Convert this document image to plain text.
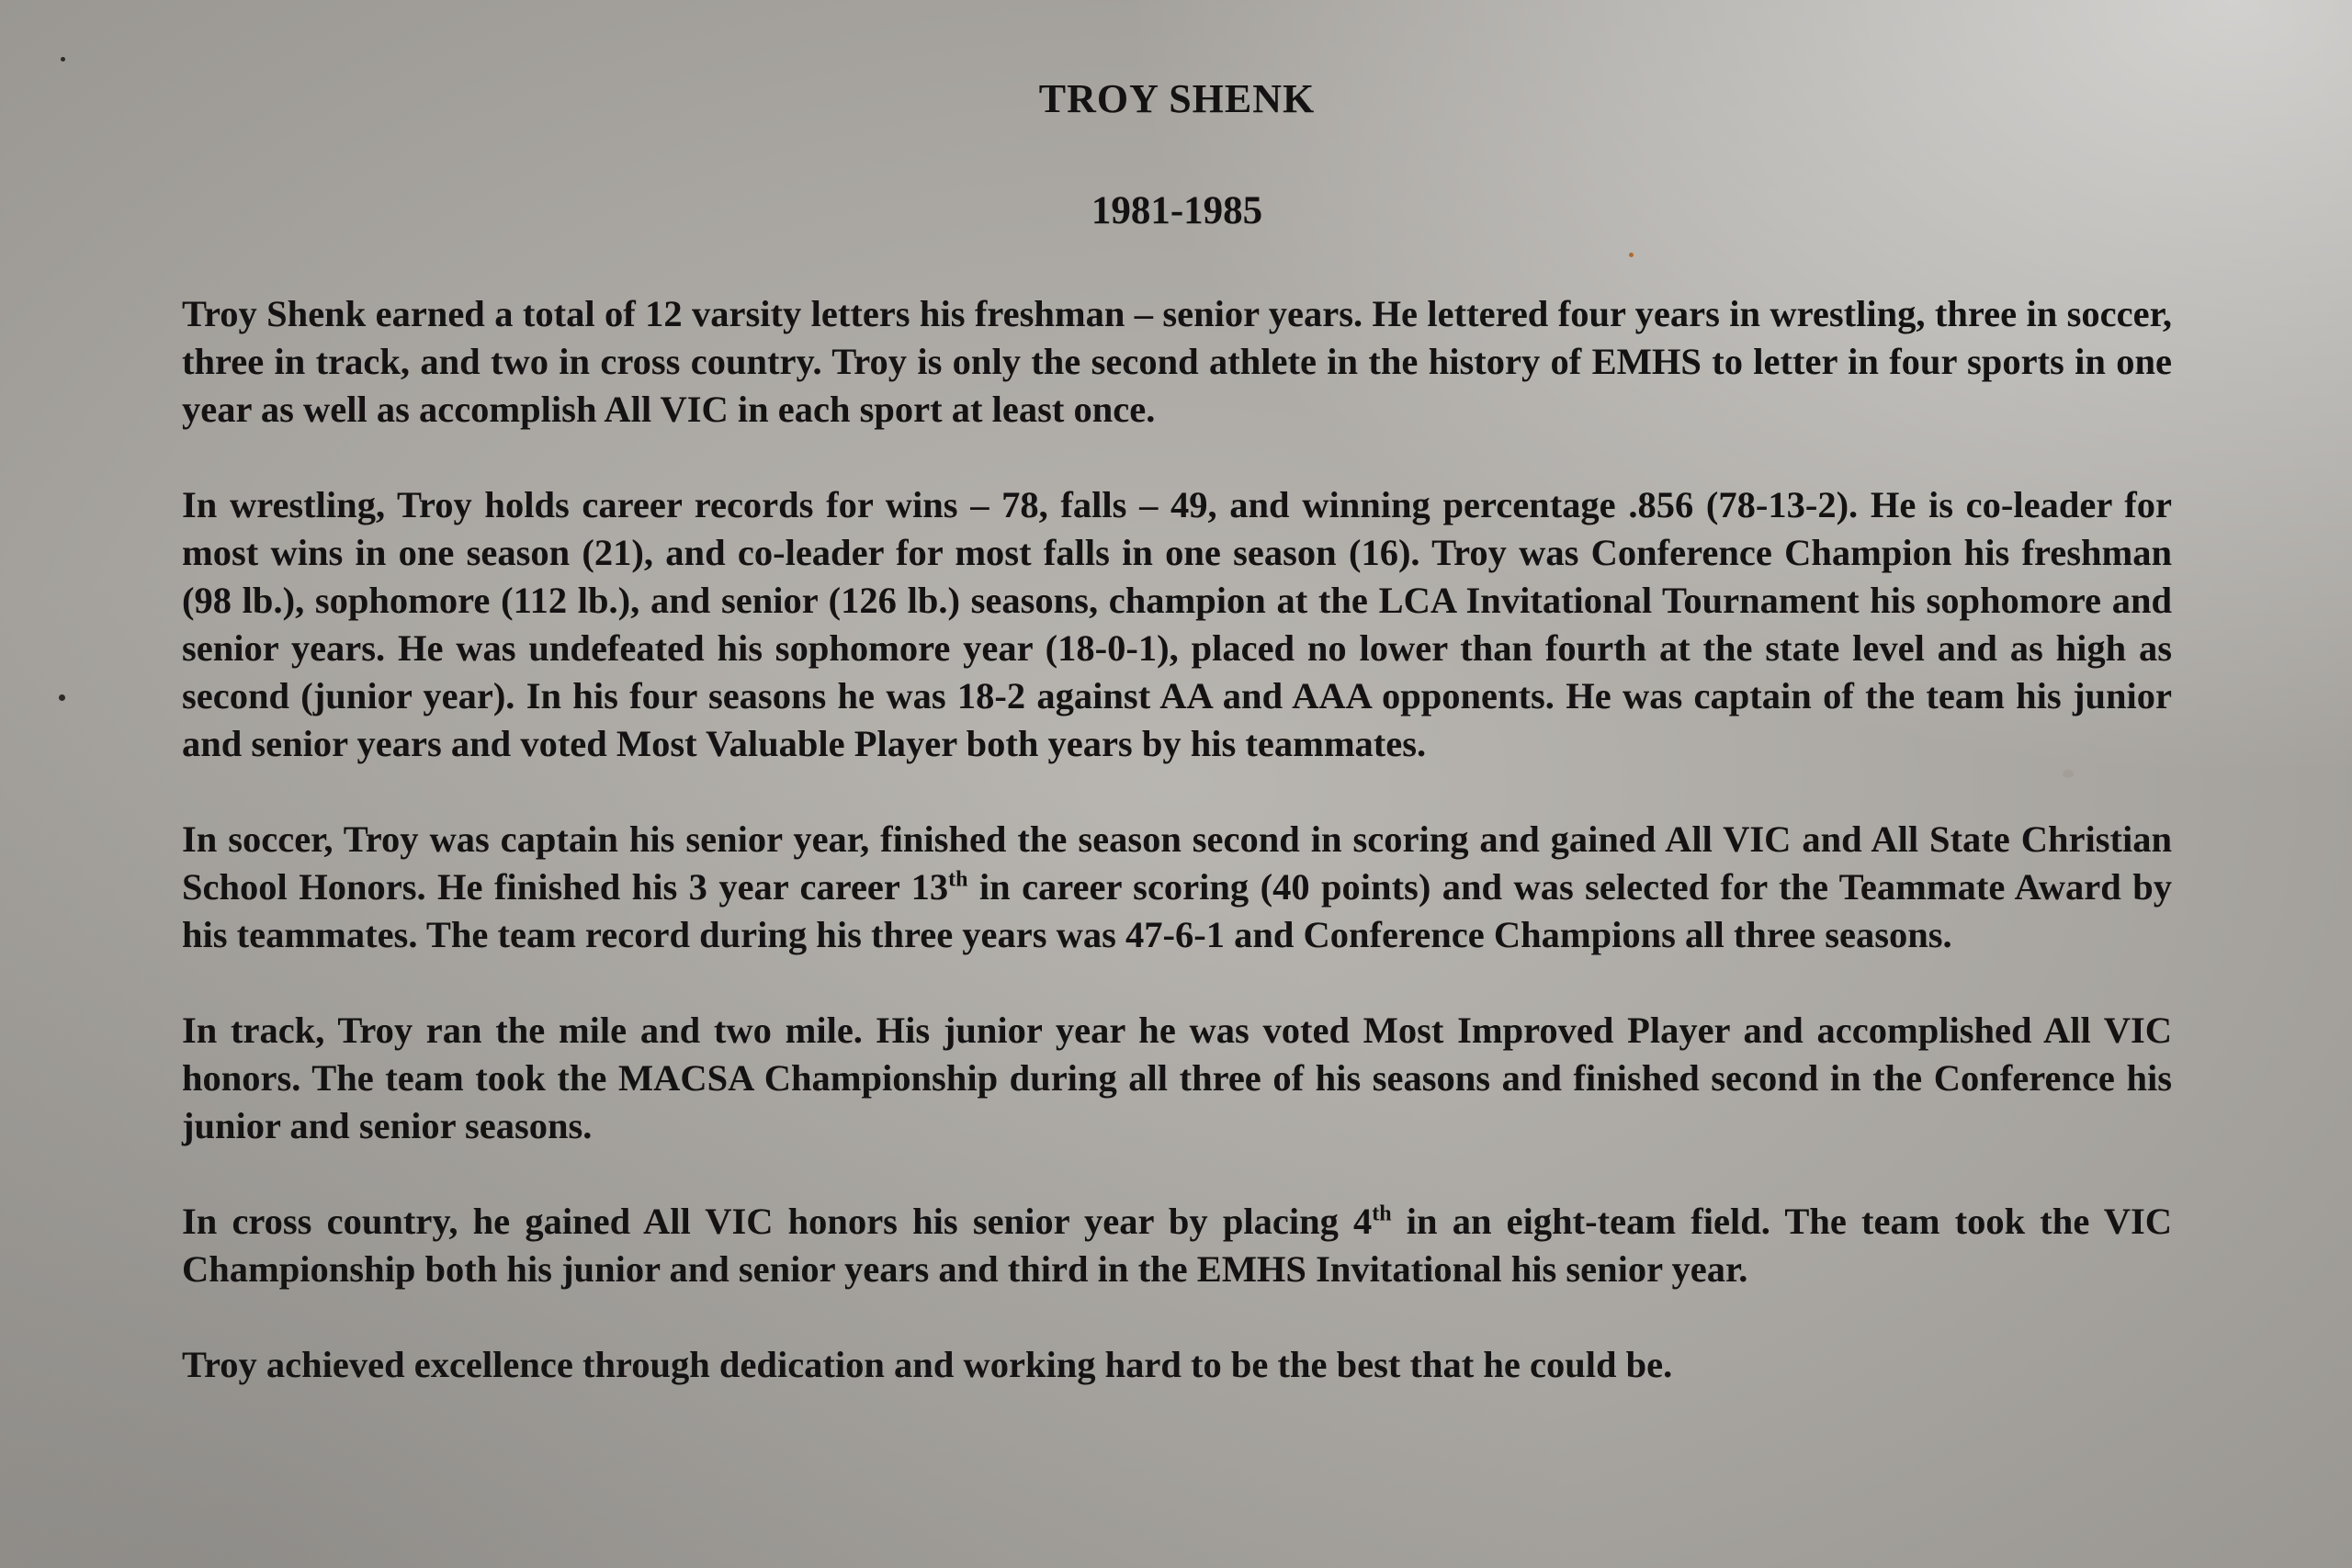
TROY SHENK
1981-1985

Troy Shenk earned a total of 12 varsity letters his freshman – senior years. He lettered four years in wrestling, three in soccer, three in track, and two in cross country. Troy is only the second athlete in the history of EMHS to letter in four sports in one year as well as accomplish All VIC in each sport at least once.

In wrestling, Troy holds career records for wins – 78, falls – 49, and winning percentage .856 (78-13-2). He is co-leader for most wins in one season (21), and co-leader for most falls in one season (16). Troy was Conference Champion his freshman (98 lb.), sophomore (112 lb.), and senior (126 lb.) seasons, champion at the LCA Invitational Tournament his sophomore and senior years. He was undefeated his sophomore year (18-0-1), placed no lower than fourth at the state level and as high as second (junior year). In his four seasons he was 18-2 against AA and AAA opponents. He was captain of the team his junior and senior years and voted Most Valuable Player both years by his teammates.

In soccer, Troy was captain his senior year, finished the season second in scoring and gained All VIC and All State Christian School Honors. He finished his 3 year career 13th in career scoring (40 points) and was selected for the Teammate Award by his teammates. The team record during his three years was 47-6-1 and Conference Champions all three seasons.

In track, Troy ran the mile and two mile. His junior year he was voted Most Improved Player and accomplished All VIC honors. The team took the MACSA Championship during all three of his seasons and finished second in the Conference his junior and senior seasons.

In cross country, he gained All VIC honors his senior year by placing 4th in an eight-team field. The team took the VIC Championship both his junior and senior years and third in the EMHS Invitational his senior year.

Troy achieved excellence through dedication and working hard to be the best that he could be.
